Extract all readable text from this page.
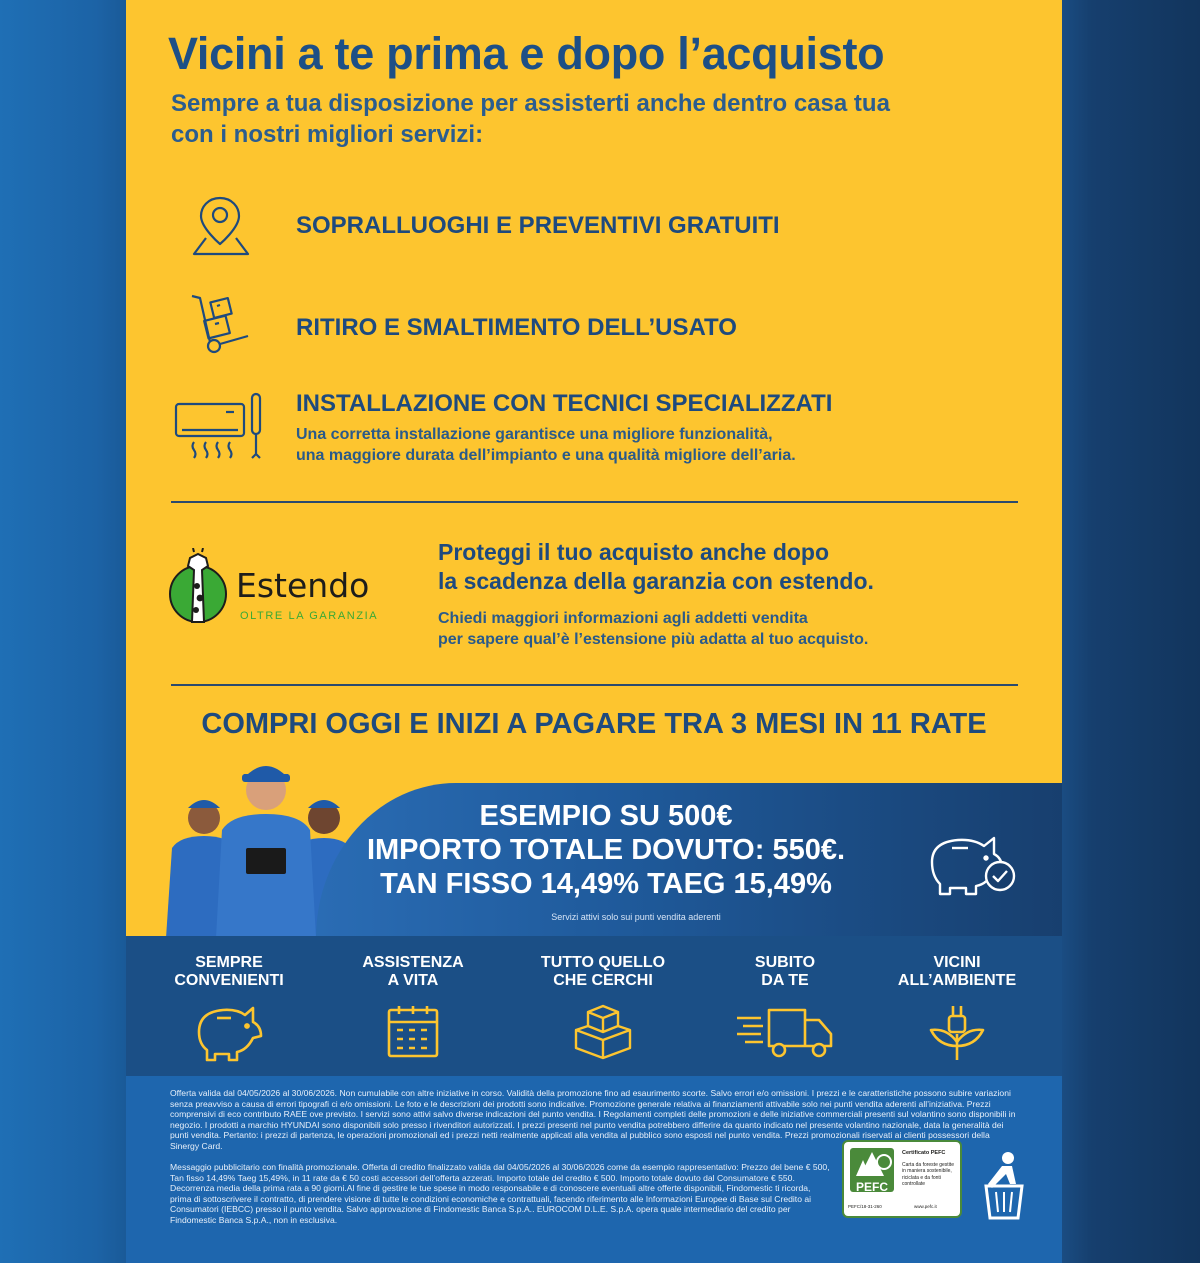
Vicini a te prima e dopo l’acquisto
Sempre a tua disposizione per assisterti anche dentro casa tua
con i nostri migliori servizi:
SOPRALLUOGHI E PREVENTIVI GRATUITI
RITIRO E SMALTIMENTO DELL’USATO
INSTALLAZIONE CON TECNICI SPECIALIZZATI
Una corretta installazione garantisce una migliore funzionalità,
una maggiore durata dell’impianto e una qualità migliore dell’aria.
Estendo
OLTRE LA GARANZIA
Proteggi il tuo acquisto anche dopo
la scadenza della garanzia con estendo.
Chiedi maggiori informazioni agli addetti vendita
per sapere qual’è l’estensione più adatta al tuo acquisto.
COMPRI OGGI E INIZI A PAGARE TRA 3 MESI IN 11 RATE
ESEMPIO SU 500€
IMPORTO TOTALE DOVUTO: 550€.
TAN FISSO 14,49% TAEG 15,49%
Servizi attivi solo sui punti vendita aderenti
SEMPRE
CONVENIENTI
ASSISTENZA
A VITA
TUTTO QUELLO
CHE CERCHI
SUBITO
DA TE
VICINI
ALL’AMBIENTE
Offerta valida dal 04/05/2026 al 30/06/2026. Non cumulabile con altre iniziative in corso. Validità della promozione fino ad esaurimento scorte. Salvo errori e/o omissioni. I prezzi e le caratteristiche possono subire variazioni senza preavviso a causa di errori tipografi ci e/o omissioni. Le foto e le descrizioni dei prodotti sono indicative. Promozione generale relativa ai finanziamenti attivabile solo nei punti vendita aderenti all’iniziativa. Prezzi comprensivi di eco contributo RAEE ove previsto. I servizi sono attivi salvo diverse indicazioni del punto vendita. I Regolamenti completi delle promozioni e delle iniziative commerciali presenti sul volantino sono disponibili in negozio. I prodotti a marchio HYUNDAI sono disponibili solo presso i rivenditori autorizzati. I prezzi presenti nel punto vendita potrebbero differire da quanto indicato nel presente volantino nazionale, data la generalità dei punti vendita. Pertanto: i prezzi di partenza, le operazioni promozionali ed i prezzi netti realmente applicati alla vendita al pubblico sono esposti nel punto vendita. Prezzi promozionali riservati ai clienti possessori della Sinergy Card.
Messaggio pubblicitario con finalità promozionale. Offerta di credito finalizzato valida dal 04/05/2026 al 30/06/2026 come da esempio rappresentativo: Prezzo del bene € 500, Tan fisso 14,49% Taeg 15,49%, in 11 rate da € 50 costi accessori dell’offerta azzerati. Importo totale del credito € 500. Importo totale dovuto dal Consumatore € 550. Decorrenza media della prima rata a 90 giorni.Al fine di gestire le tue spese in modo responsabile e di conoscere eventuali altre offerte disponibili, Findomestic ti ricorda, prima di sottoscrivere il contratto, di prendere visione di tutte le condizioni economiche e contrattuali, facendo riferimento alle Informazioni Europee di Base sul Credito ai Consumatori (IEBCC) presso il punto vendita. Salvo approvazione di Findomestic Banca S.p.A.. EUROCOM D.L.E. S.p.A. opera quale intermediario del credito per Findomestic Banca S.p.A., non in esclusiva.
PEFC
Certificato PEFC
Carta da foreste gestite in maniera sostenibile, riciclata e da fonti controllate
PEFC/18-31-260	www.pefc.it
